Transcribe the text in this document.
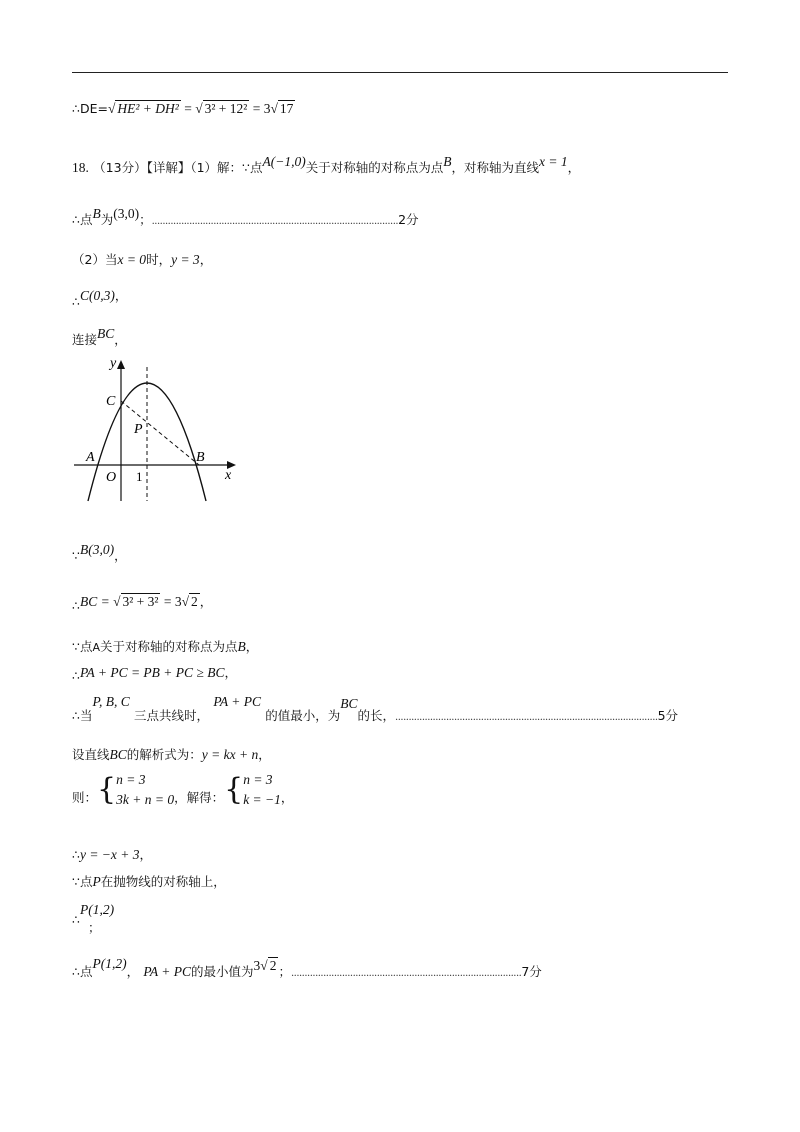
∴DE=√ HE² + DH² = √ 3² + 12² = 3√ 17
18. （13分）【详解】（1）解：∵点A(−1,0)关于对称轴的对称点为点B，对称轴为直线x = 1，
∴点B为(3,0)；............................................................................................2分
（2）当x = 0时，y = 3，
∴C(0,3)，
连接BC，
y
x
C
P
A
O
B
1
∵B(3,0)，
∴BC = √ 3² + 3² = 3√ 2 ，
∵点A关于对称轴的对称点为点B，
∴PA + PC = PB + PC ≥ BC，
∴当P, B, C 三点共线时， PA + PC 的值最小，为BC的长，..................................................................................................5分
设直线BC的解析式为：y = kx + n，
则：{n = 3
3k + n = 0，解得：{n = 3
k = −1，
∴y = −x + 3，
∵点P在抛物线的对称轴上，
∴P(1,2)
；
∴点P(1,2)， PA + PC的最小值为3√ 2 ；......................................................................................7分
